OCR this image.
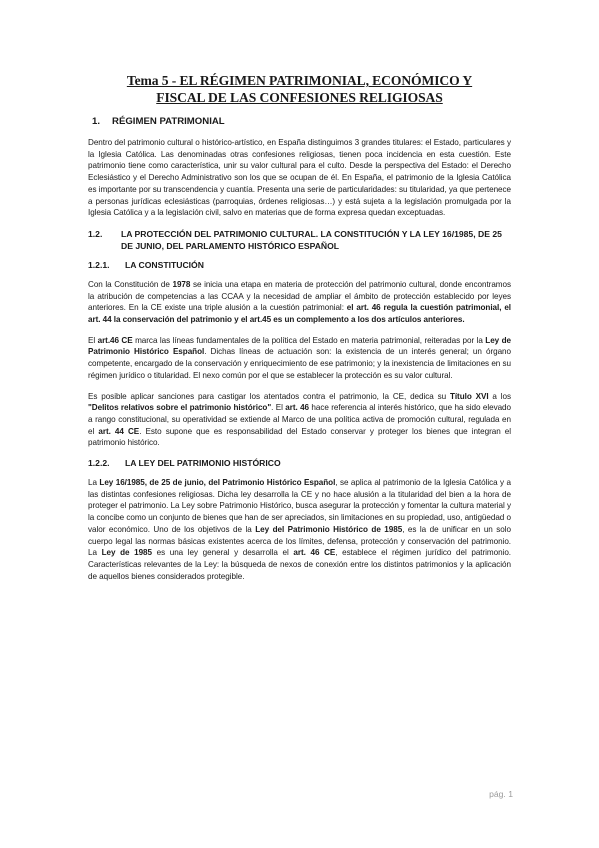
Tema 5 - EL RÉGIMEN PATRIMONIAL, ECONÓMICO Y
FISCAL DE LAS CONFESIONES RELIGIOSAS
1. RÉGIMEN PATRIMONIAL

Dentro del patrimonio cultural o histórico-artístico, en España distinguimos 3 grandes titulares: el Estado, particulares y la Iglesia Católica. Las denominadas otras confesiones religiosas, tienen poca incidencia en esta cuestión. Este patrimonio tiene como característica, unir su valor cultural para el culto. Desde la perspectiva del Estado: el Derecho Eclesiástico y el Derecho Administrativo son los que se ocupan de él. En España, el patrimonio de la Iglesia Católica es importante por su transcendencia y cuantía. Presenta una serie de particularidades: su titularidad, ya que pertenece a personas jurídicas eclesiásticas (parroquias, órdenes religiosas…) y está sujeta a la legislación promulgada por la Iglesia Católica y a la legislación civil, salvo en materias que de forma expresa quedan exceptuadas.

1.2.	LA PROTECCIÓN DEL PATRIMONIO CULTURAL. LA CONSTITUCIÓN Y LA LEY 16/1985, DE 25 DE JUNIO, DEL PARLAMENTO HISTÓRICO ESPAÑOL
1.2.1.	LA CONSTITUCIÓN

Con la Constitución de 1978 se inicia una etapa en materia de protección del patrimonio cultural, donde encontramos la atribución de competencias a las CCAA y la necesidad de ampliar el ámbito de protección establecido por leyes anteriores. En la CE existe una triple alusión a la cuestión patrimonial: el art. 46 regula la cuestión patrimonial, el art. 44 la conservación del patrimonio y el art.45 es un complemento a los dos artículos anteriores.

El art.46 CE marca las líneas fundamentales de la política del Estado en materia patrimonial, reiteradas por la Ley de Patrimonio Histórico Español. Dichas líneas de actuación son: la existencia de un interés general; un órgano competente, encargado de la conservación y enriquecimiento de ese patrimonio; y la inexistencia de limitaciones en su régimen jurídico o titularidad. El nexo común por el que se establecer la protección es su valor cultural.

Es posible aplicar sanciones para castigar los atentados contra el patrimonio, la CE, dedica su Título XVI a los "Delitos relativos sobre el patrimonio histórico". El art. 46 hace referencia al interés histórico, que ha sido elevado a rango constitucional, su operatividad se extiende al Marco de una política activa de promoción cultural, regulada en el art. 44 CE. Esto supone que es responsabilidad del Estado conservar y proteger los bienes que integran el patrimonio histórico.

1.2.2.	LA LEY DEL PATRIMONIO HISTÓRICO

La Ley 16/1985, de 25 de junio, del Patrimonio Histórico Español, se aplica al patrimonio de la Iglesia Católica y a las distintas confesiones religiosas. Dicha ley desarrolla la CE y no hace alusión a la titularidad del bien a la hora de proteger el patrimonio. La Ley sobre Patrimonio Histórico, busca asegurar la protección y fomentar la cultura material y la concibe como un conjunto de bienes que han de ser apreciados, sin limitaciones en su propiedad, uso, antigüedad o valor económico. Uno de los objetivos de la Ley del Patrimonio Histórico de 1985, es la de unificar en un solo cuerpo legal las normas básicas existentes acerca de los límites, defensa, protección y conservación del patrimonio. La Ley de 1985 es una ley general y desarrolla el art. 46 CE, establece el régimen jurídico del patrimonio. Características relevantes de la Ley: la búsqueda de nexos de conexión entre los distintos patrimonios y la aplicación de aquellos bienes considerados protegible.

pág. 1
